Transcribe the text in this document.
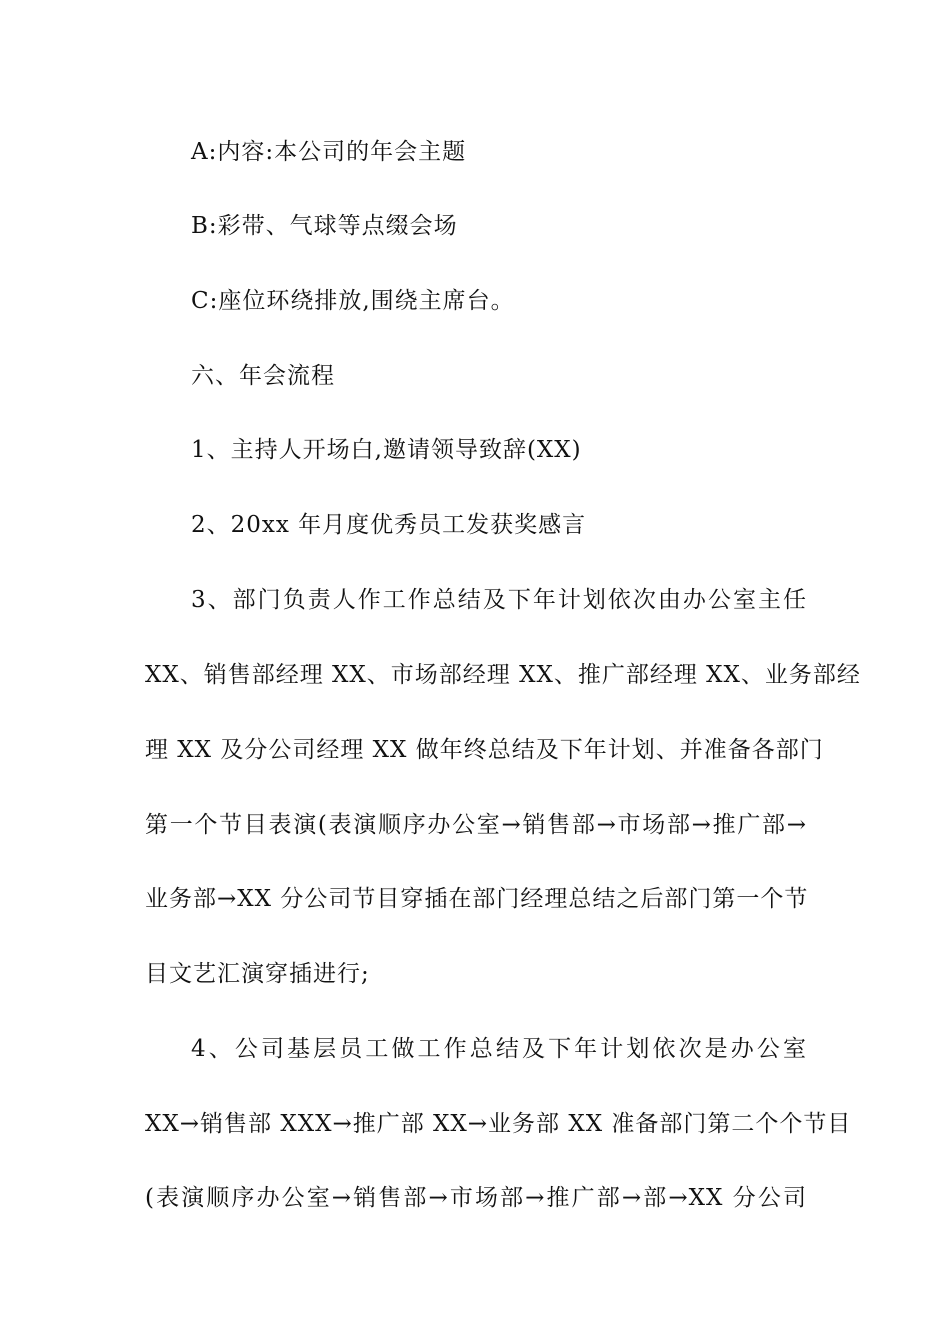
A:内容:本公司的年会主题
B:彩带、气球等点缀会场
C:座位环绕排放,围绕主席台。
六、年会流程
1、主持人开场白,邀请领导致辞(XX)
2、20xx 年月度优秀员工发获奖感言
3、部门负责人作工作总结及下年计划依次由办公室主任
XX、销售部经理 XX、市场部经理 XX、推广部经理 XX、业务部经
理 XX 及分公司经理 XX 做年终总结及下年计划、并准备各部门
第一个节目表演(表演顺序办公室→销售部→市场部→推广部→
业务部→XX 分公司节目穿插在部门经理总结之后部门第一个节
目文艺汇演穿插进行;
4、公司基层员工做工作总结及下年计划依次是办公室
XX→销售部 XXX→推广部 XX→业务部 XX 准备部门第二个个节目
(表演顺序办公室→销售部→市场部→推广部→部→XX 分公司
